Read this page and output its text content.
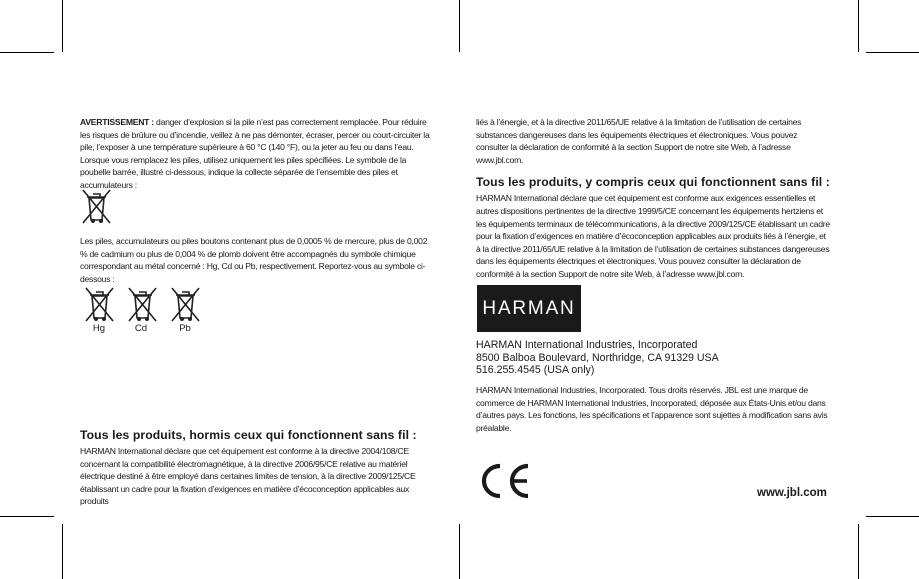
AVERTISSEMENT : danger d’explosion si la pile n’est pas correctement remplacée. Pour réduire les risques de brûlure ou d’incendie, veillez à ne pas démonter, écraser, percer ou court-circuiter la pile, l’exposer à une température supérieure à 60 °C (140 °F), ou la jeter au feu ou dans l’eau. Lorsque vous remplacez les piles, utilisez uniquement les piles spécifiées. Le symbole de la poubelle barrée, illustré ci-dessous, indique la collecte séparée de l’ensemble des piles et accumulateurs :

Les piles, accumulateurs ou piles boutons contenant plus de 0,0005 % de mercure, plus de 0,002 % de cadmium ou plus de 0,004 % de plomb doivent être accompagnés du symbole chimique correspondant au métal concerné : Hg, Cd ou Pb, respectivement. Reportez-vous au symbole ci-dessous :

Hg	Cd	Pb

Tous les produits, hormis ceux qui fonctionnent sans fil :

HARMAN International déclare que cet équipement est conforme à la directive 2004/108/CE concernant la compatibilité électromagnétique, à la directive 2006/95/CE relative au matériel électrique destiné à être employé dans certaines limites de tension, à la directive 2009/125/CE établissant un cadre pour la fixation d’exigences en matière d’écoconception applicables aux produits

liés à l’énergie, et à la directive 2011/65/UE relative à la limitation de l’utilisation de certaines substances dangereuses dans les équipements électriques et électroniques. Vous pouvez consulter la déclaration de conformité à la section Support de notre site Web, à l’adresse www.jbl.com.

Tous les produits, y compris ceux qui fonctionnent sans fil :

HARMAN International déclare que cet équipement est conforme aux exigences essentielles et autres dispositions pertinentes de la directive 1999/5/CE concernant les équipements hertziens et les équipements terminaux de télécommunications, à la directive 2009/125/CE établissant un cadre pour la fixation d’exigences en matière d’écoconception applicables aux produits liés à l’énergie, et à la directive 2011/65/UE relative à la limitation de l’utilisation de certaines substances dangereuses dans les équipements électriques et électroniques. Vous pouvez consulter la déclaration de conformité à la section Support de notre site Web, à l’adresse www.jbl.com.

HARMAN

HARMAN International Industries, Incorporated

8500 Balboa Boulevard, Northridge, CA 91329 USA

516.255.4545 (USA only)

HARMAN International Industries, Incorporated. Tous droits réservés. JBL est une marque de commerce de HARMAN International Industries, Incorporated, déposée aux États-Unis et/ou dans d’autres pays. Les fonctions, les spécifications et l’apparence sont sujettes à modification sans avis préalable.

www.jbl.com
